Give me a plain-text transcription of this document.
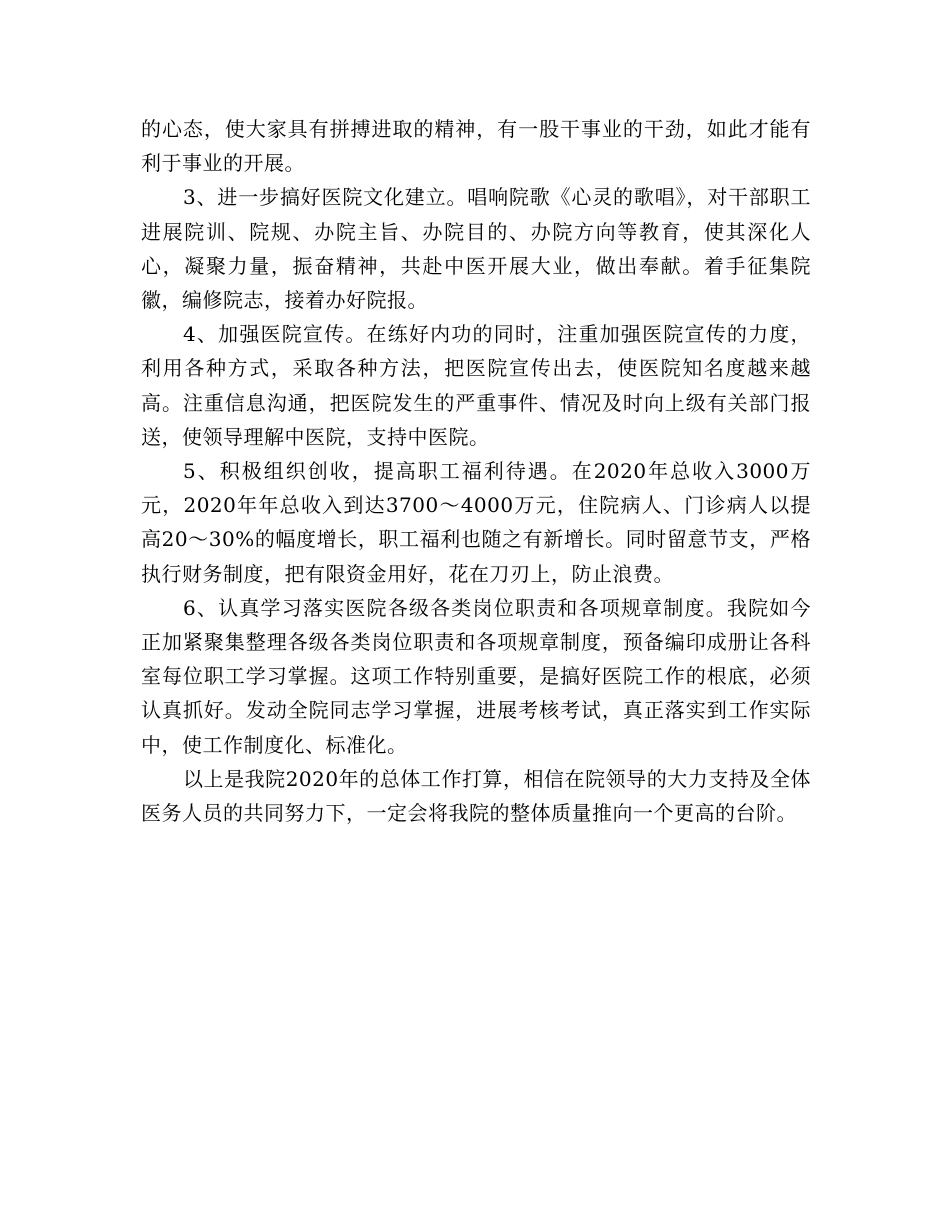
的心态，使大家具有拼搏进取的精神，有一股干事业的干劲，如此才能有利于事业的开展。

3、进一步搞好医院文化建立。唱响院歌《心灵的歌唱》，对干部职工进展院训、院规、办院主旨、办院目的、办院方向等教育，使其深化人心，凝聚力量，振奋精神，共赴中医开展大业，做出奉献。着手征集院徽，编修院志，接着办好院报。

4、加强医院宣传。在练好内功的同时，注重加强医院宣传的力度，利用各种方式，采取各种方法，把医院宣传出去，使医院知名度越来越高。注重信息沟通，把医院发生的严重事件、情况及时向上级有关部门报送，使领导理解中医院，支持中医院。

5、积极组织创收，提高职工福利待遇。在2020年总收入3000万元，2020年年总收入到达3700～4000万元，住院病人、门诊病人以提高20～30%的幅度增长，职工福利也随之有新增长。同时留意节支，严格执行财务制度，把有限资金用好，花在刀刃上，防止浪费。

6、认真学习落实医院各级各类岗位职责和各项规章制度。我院如今正加紧聚集整理各级各类岗位职责和各项规章制度，预备编印成册让各科室每位职工学习掌握。这项工作特别重要，是搞好医院工作的根底，必须认真抓好。发动全院同志学习掌握，进展考核考试，真正落实到工作实际中，使工作制度化、标准化。

以上是我院2020年的总体工作打算，相信在院领导的大力支持及全体医务人员的共同努力下，一定会将我院的整体质量推向一个更高的台阶。
